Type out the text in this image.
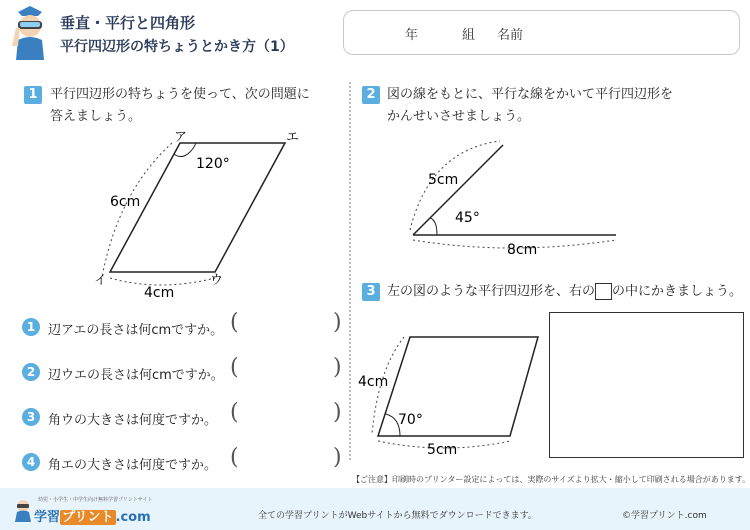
垂直・平行と四角形
平行四辺形の特ちょうとかき方（1）
年	組 名前
1 平行四辺形の特ちょうを使って、次の問題に
答えましょう。
ア	エ
イ	ウ
120°
6cm
4cm
1 辺アエの長さは何cmですか。 (	)
2 辺ウエの長さは何cmですか。 (	)
3 角ウの大きさは何度ですか。 (	)
4 角エの大きさは何度ですか。 (	)
2 図の線をもとに、平行な線をかいて平行四辺形を
かんせいさせましょう。
5cm
45°
8cm
3 左の図のような平行四辺形を、右の の中にかきましょう。
4cm
70°
5cm
【ご注意】印刷時のプリンター設定によっては、実際のサイズより拡大・縮小して印刷される場合があります。
幼児・小学生・中学生向け無料学習プリントサイト
学習 プリント .com	全ての学習プリントがWebサイトから無料でダウンロードできます。	©学習プリント.com
